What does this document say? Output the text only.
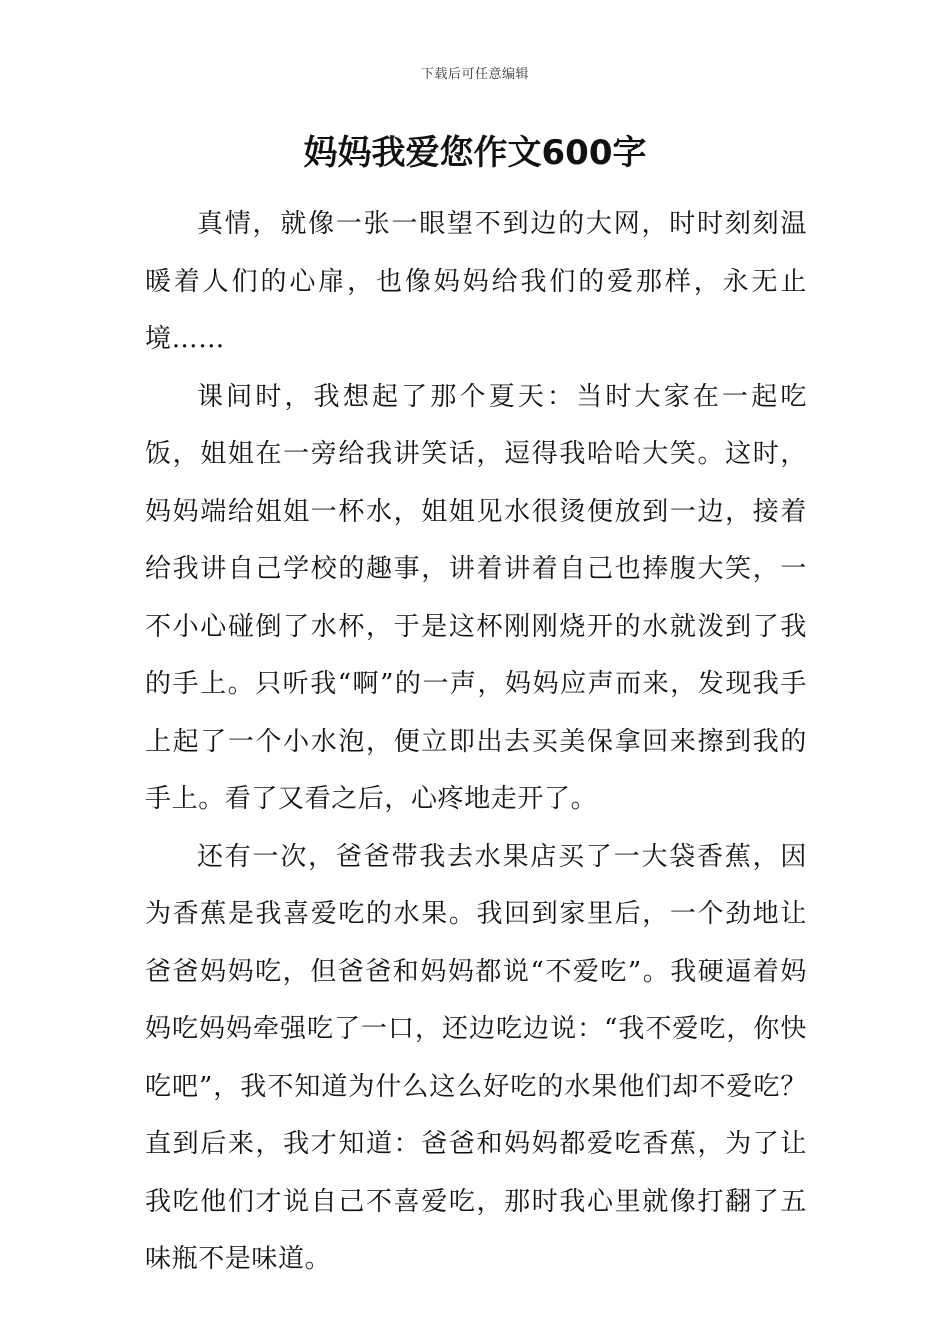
下载后可任意编辑
妈妈我爱您作文600字

真情，就像一张一眼望不到边的大网，时时刻刻温暖着人们的心扉，也像妈妈给我们的爱那样，永无止境……

课间时，我想起了那个夏天：当时大家在一起吃饭，姐姐在一旁给我讲笑话，逗得我哈哈大笑。这时，妈妈端给姐姐一杯水，姐姐见水很烫便放到一边，接着给我讲自己学校的趣事，讲着讲着自己也捧腹大笑，一不小心碰倒了水杯，于是这杯刚刚烧开的水就泼到了我的手上。只听我“啊”的一声，妈妈应声而来，发现我手上起了一个小水泡，便立即出去买美保拿回来擦到我的手上。看了又看之后，心疼地走开了。

还有一次，爸爸带我去水果店买了一大袋香蕉，因为香蕉是我喜爱吃的水果。我回到家里后，一个劲地让爸爸妈妈吃，但爸爸和妈妈都说“不爱吃”。我硬逼着妈妈吃妈妈牵强吃了一口，还边吃边说：“我不爱吃，你快吃吧”，我不知道为什么这么好吃的水果他们却不爱吃？直到后来，我才知道：爸爸和妈妈都爱吃香蕉，为了让我吃他们才说自己不喜爱吃，那时我心里就像打翻了五味瓶不是味道。
